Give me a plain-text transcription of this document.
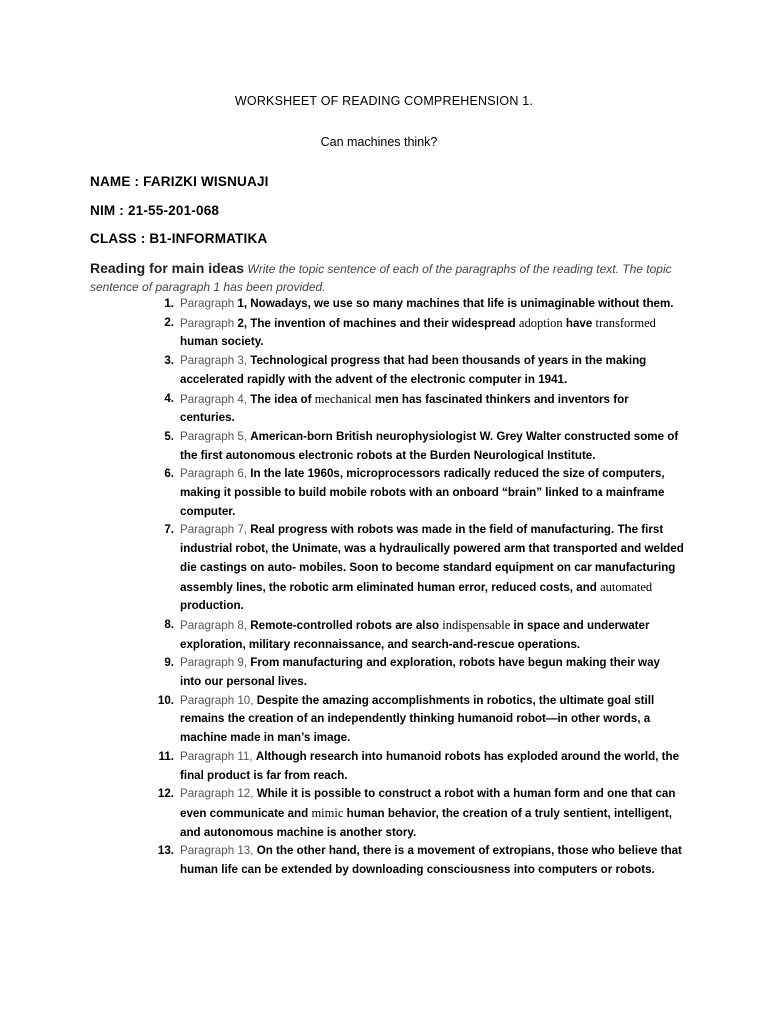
WORKSHEET OF READING COMPREHENSION 1.
Can machines think?
NAME : FARIZKI WISNUAJI
NIM : 21-55-201-068
CLASS : B1-INFORMATIKA
Reading for main ideas Write the topic sentence of each of the paragraphs of the reading text. The topic sentence of paragraph 1 has been provided.
1. Paragraph 1, Nowadays, we use so many machines that life is unimaginable without them.
2. Paragraph 2, The invention of machines and their widespread adoption have transformed human society.
3. Paragraph 3, Technological progress that had been thousands of years in the making accelerated rapidly with the advent of the electronic computer in 1941.
4. Paragraph 4, The idea of mechanical men has fascinated thinkers and inventors for centuries.
5. Paragraph 5, American-born British neurophysiologist W. Grey Walter constructed some of the first autonomous electronic robots at the Burden Neurological Institute.
6. Paragraph 6, In the late 1960s, microprocessors radically reduced the size of computers, making it possible to build mobile robots with an onboard “brain” linked to a mainframe computer.
7. Paragraph 7, Real progress with robots was made in the field of manufacturing. The first industrial robot, the Unimate, was a hydraulically powered arm that transported and welded die castings on auto- mobiles. Soon to become standard equipment on car manufacturing assembly lines, the robotic arm eliminated human error, reduced costs, and automated production.
8. Paragraph 8, Remote-controlled robots are also indispensable in space and underwater exploration, military reconnaissance, and search-and-rescue operations.
9. Paragraph 9, From manufacturing and exploration, robots have begun making their way into our personal lives.
10. Paragraph 10, Despite the amazing accomplishments in robotics, the ultimate goal still remains the creation of an independently thinking humanoid robot—in other words, a machine made in man’s image.
11. Paragraph 11, Although research into humanoid robots has exploded around the world, the final product is far from reach.
12. Paragraph 12, While it is possible to construct a robot with a human form and one that can even communicate and mimic human behavior, the creation of a truly sentient, intelligent, and autonomous machine is another story.
13. Paragraph 13, On the other hand, there is a movement of extropians, those who believe that human life can be extended by downloading consciousness into computers or robots.
